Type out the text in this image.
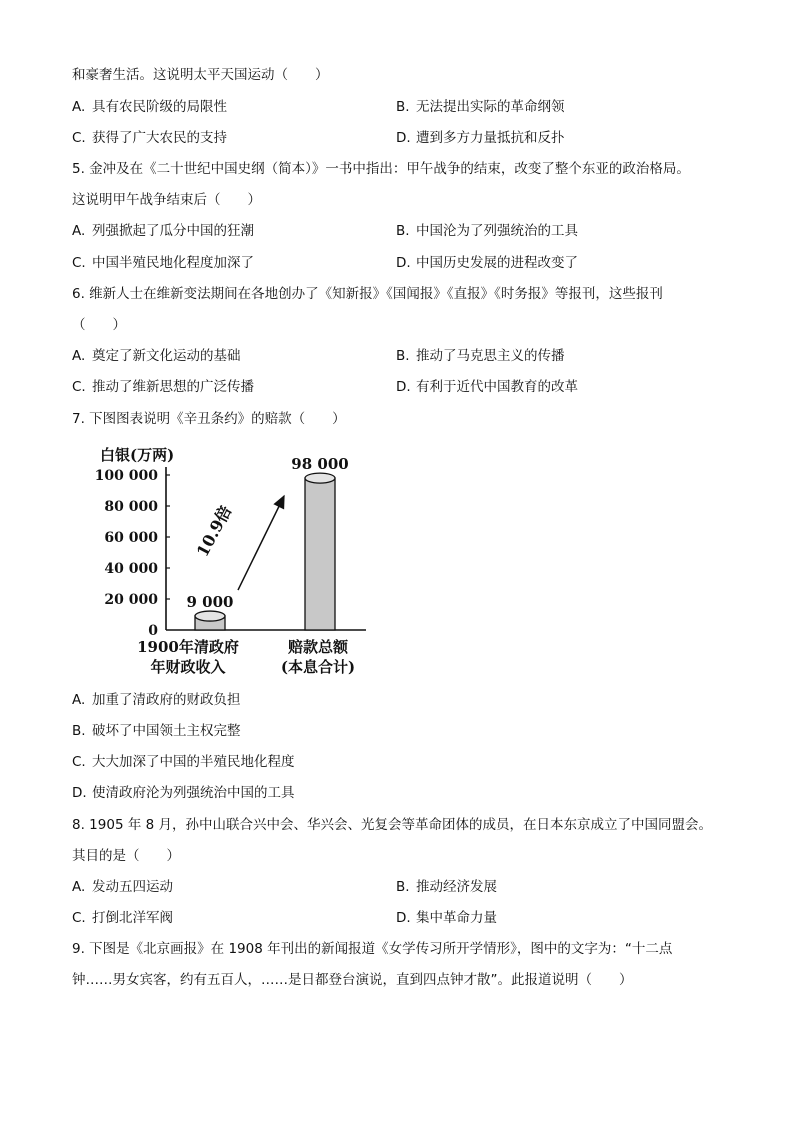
和豪奢生活。这说明太平天国运动（　　）
A. 具有农民阶级的局限性	B. 无法提出实际的革命纲领
C. 获得了广大农民的支持	D. 遭到多方力量抵抗和反扑
5. 金冲及在《二十世纪中国史纲（简本）》一书中指出：甲午战争的结束，改变了整个东亚的政治格局。
这说明甲午战争结束后（　　）
A. 列强掀起了瓜分中国的狂潮	B. 中国沦为了列强统治的工具
C. 中国半殖民地化程度加深了	D. 中国历史发展的进程改变了
6. 维新人士在维新变法期间在各地创办了《知新报》《国闻报》《直报》《时务报》等报刊，这些报刊
（　　）
A. 奠定了新文化运动的基础	B. 推动了马克思主义的传播
C. 推动了维新思想的广泛传播	D. 有利于近代中国教育的改革
7. 下图图表说明《辛丑条约》的赔款（　　）
白银(万两)
0
20 000
40 000
60 000
80 000
100 000
9 000
98 000
10.9倍
1900年清政府
年财政收入
赔款总额
(本息合计)
A. 加重了清政府的财政负担
B. 破坏了中国领土主权完整
C. 大大加深了中国的半殖民地化程度
D. 使清政府沦为列强统治中国的工具
8. 1905 年 8 月，孙中山联合兴中会、华兴会、光复会等革命团体的成员，在日本东京成立了中国同盟会。
其目的是（　　）
A. 发动五四运动	B. 推动经济发展
C. 打倒北洋军阀	D. 集中革命力量
9. 下图是《北京画报》在 1908 年刊出的新闻报道《女学传习所开学情形》，图中的文字为：“十二点
钟……男女宾客，约有五百人，……是日都登台演说，直到四点钟才散”。此报道说明（　　）
